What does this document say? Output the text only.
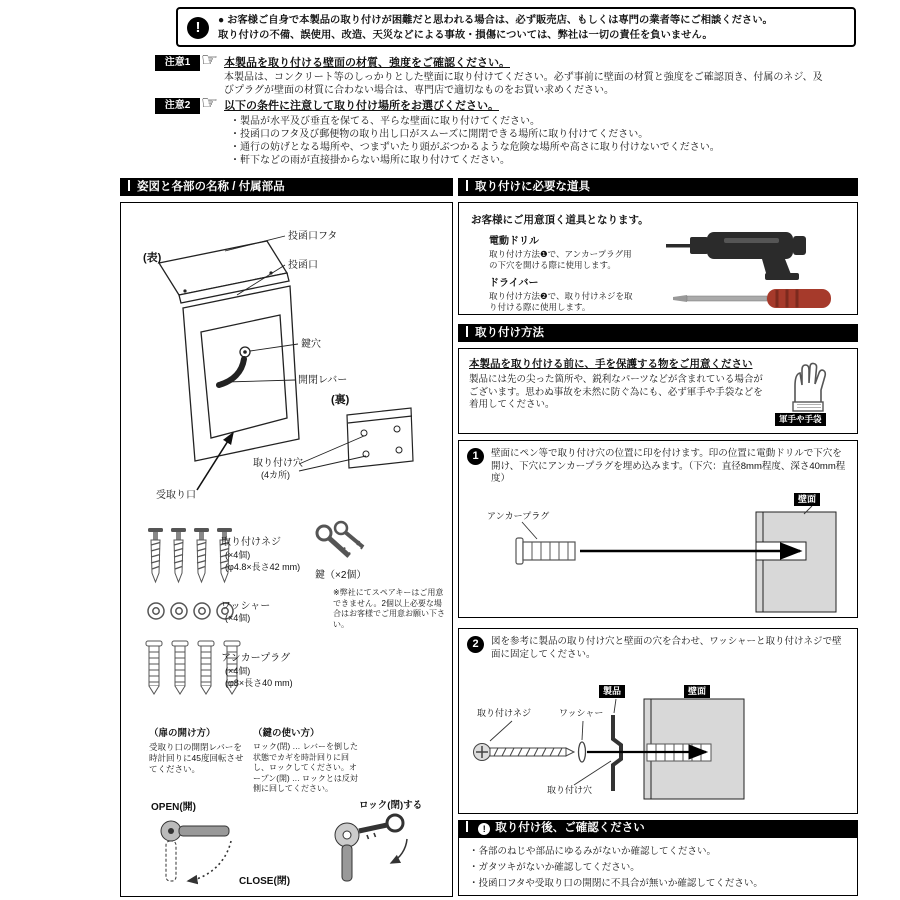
!	● お客様ご自身で本製品の取り付けが困難だと思われる場合は、必ず販売店、もしくは専門の業者等にご相談ください。
取り付けの不備、誤使用、改造、天災などによる事故・損傷については、弊社は一切の責任を負いません。
注意1 ☞ 本製品を取り付ける壁面の材質、強度をご確認ください。
本製品は、コンクリート等のしっかりとした壁面に取り付けてください。必ず事前に壁面の材質と強度をご確認頂き、付属のネジ、及びプラグが壁面の材質に合わない場合は、専門店で適切なものをお買い求めください。
注意2 ☞ 以下の条件に注意して取り付け場所をお選びください。
・製品が水平及び垂直を保てる、平らな壁面に取り付けてください。
・投函口のフタ及び郵便物の取り出し口がスムーズに開閉できる場所に取り付けてください。
・通行の妨げとなる場所や、つまずいたり頭がぶつかるような危険な場所や高さに取り付けないでください。
・軒下などの雨が直接掛からない場所に取り付けてください。
姿図と各部の名称 / 付属部品	取り付けに必要な道具
(表)
投函口フタ
投函口
鍵穴
開閉レバー
(裏)
取り付け穴
(4カ所)
受取り口
取り付けネジ
(×4個)
(φ4.8×長さ42 mm)
鍵（×2個）
※弊社にてスペアキーはご用意できません。2個以上必要な場合はお客様でご用意お願い下さい。
ワッシャー
(×4個)
アンカープラグ
(×4個)
(φ8×長さ40 mm)
（扉の開け方）
受取り口の開閉レバーを時計回りに45度回転させてください。
OPEN(開)
CLOSE(閉)
（鍵の使い方）
ロック(閉) … レバーを倒した状態でカギを時計回りに回し、ロックしてください。オープン(開) … ロックとは反対側に回してください。
ロック(閉)する
お客様にご用意頂く道具となります。
電動ドリル
取り付け方法❶で、アンカープラグ用の下穴を開ける際に使用します。
ドライバー
取り付け方法❷で、取り付けネジを取り付ける際に使用します。
取り付け方法
本製品を取り付ける前に、手を保護する物をご用意ください
製品には先の尖った箇所や、鋭利なパーツなどが含まれている場合がございます。思わぬ事故を未然に防ぐ為にも、必ず軍手や手袋などを着用してください。
軍手や手袋
1	壁面にペン等で取り付け穴の位置に印を付けます。印の位置に電動ドリルで下穴を開け、下穴にアンカープラグを埋め込みます。（下穴：直径8mm程度、深さ40mm程度）
アンカープラグ
壁面
2	図を参考に製品の取り付け穴と壁面の穴を合わせ、ワッシャーと取り付けネジで壁面に固定してください。
取り付けネジ	ワッシャー
製品	壁面
取り付け穴
! 取り付け後、ご確認ください
・各部のねじや部品にゆるみがないか確認してください。
・ガタツキがないか確認してください。
・投函口フタや受取り口の開閉に不具合が無いか確認してください。
